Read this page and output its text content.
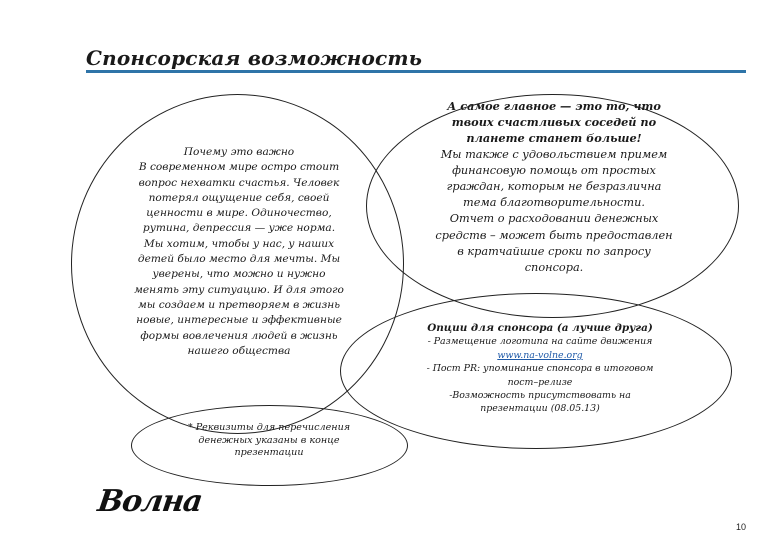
Спонсорская возможность
Почему это важно
В современном мире остро стоит
вопрос нехватки счастья. Человек
потерял ощущение себя, своей
ценности в мире. Одиночество,
рутина, депрессия — уже норма.
Мы хотим, чтобы у нас, у наших
детей было место для мечты. Мы
уверены, что можно и нужно
менять эту ситуацию. И для этого
мы создаем и претворяем в жизнь
новые, интересные и эффективные
формы вовлечения людей в жизнь
нашего общества
А самое главное — это то, что
твоих счастливых соседей по
планете станет больше!
Мы также с удовольствием примем
финансовую помощь от простых
граждан, которым не безразлична
тема благотворительности.
Отчет о расходовании денежных
средств – может быть предоставлен
в кратчайшие сроки по запросу
спонсора.
Опции для спонсора (а лучше друга)
- Размещение логотипа на сайте движения
www.na-volne.org
- Пост PR: упоминание спонсора в итоговом
пост–релизе
-Возможность присутствовать на
презентации (08.05.13)
* Реквизиты для перечисления
денежных указаны в конце
презентации
Волна
10
